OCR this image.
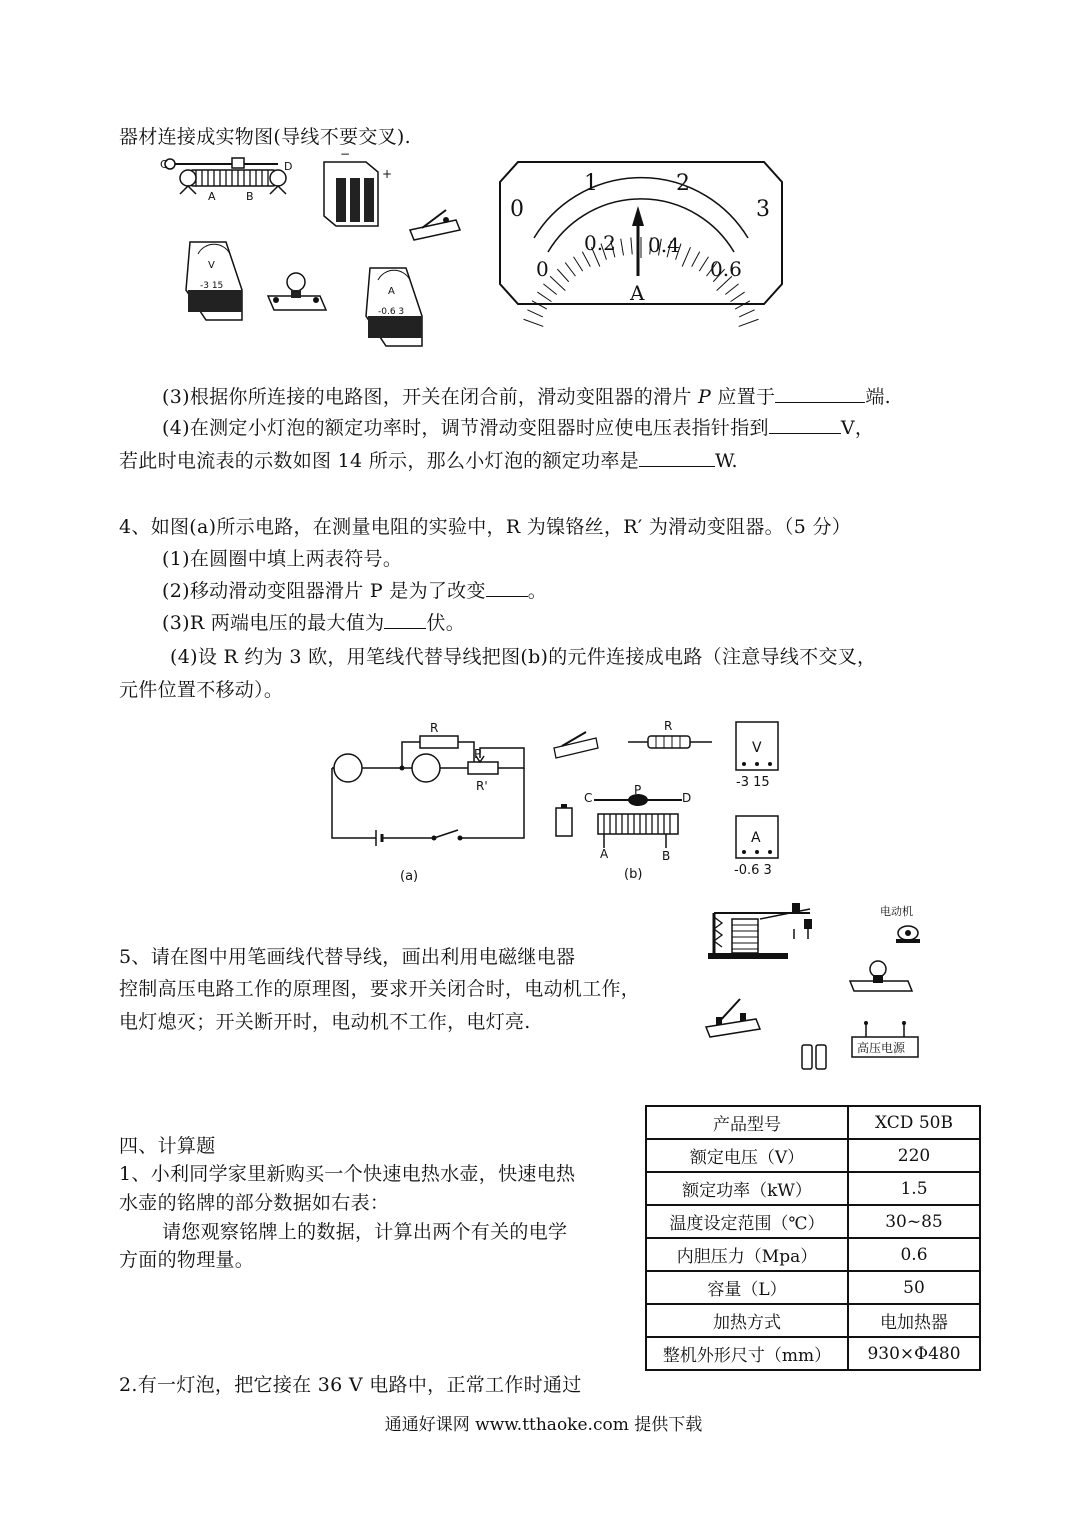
器材连接成实物图(导线不要交叉).
C	D
A	B
−
+
V
-3 15	A
-0.6 3
0
1	2
3
0
0.2 0.4
0.6
A
(3)根据你所连接的电路图，开关在闭合前，滑动变阻器的滑片 P 应置于	端.
(4)在测定小灯泡的额定功率时，调节滑动变阻器时应使电压表指针指到	V，
若此时电流表的示数如图 14 所示，那么小灯泡的额定功率是	W.
4、如图(a)所示电路，在测量电阻的实验中，R 为镍铬丝，R′ 为滑动变阻器。（5 分）
(1)在圆圈中填上两表符号。
(2)移动滑动变阻器滑片 P 是为了改变 。
(3)R 两端电压的最大值为 伏。
(4)设 R 约为 3 欧，用笔线代替导线把图(b)的元件连接成电路（注意导线不交叉，
元件位置不移动）。
R
P
R'
(a)
R
V
-3 15
P
C	D
A	B
(b)
A
-0.6 3
5、请在图中用笔画线代替导线，画出利用电磁继电器
控制高压电路工作的原理图，要求开关闭合时，电动机工作，
电灯熄灭；开关断开时，电动机不工作，电灯亮.
电动机
高压电源
四、计算题
1、小利同学家里新购买一个快速电热水壶，快速电热
水壶的铭牌的部分数据如右表：
请您观察铭牌上的数据，计算出两个有关的电学
方面的物理量。
2.有一灯泡，把它接在 36 V 电路中，正常工作时通过
产品型号	XCD 50B
额定电压（V）	220
额定功率（kW）	1.5
温度设定范围（℃）	30~85
内胆压力（Mpa）	0.6
容量（L）	50
加热方式	电加热器
整机外形尺寸（mm）	930×Φ480
通通好课网 www.tthaoke.com 提供下载
